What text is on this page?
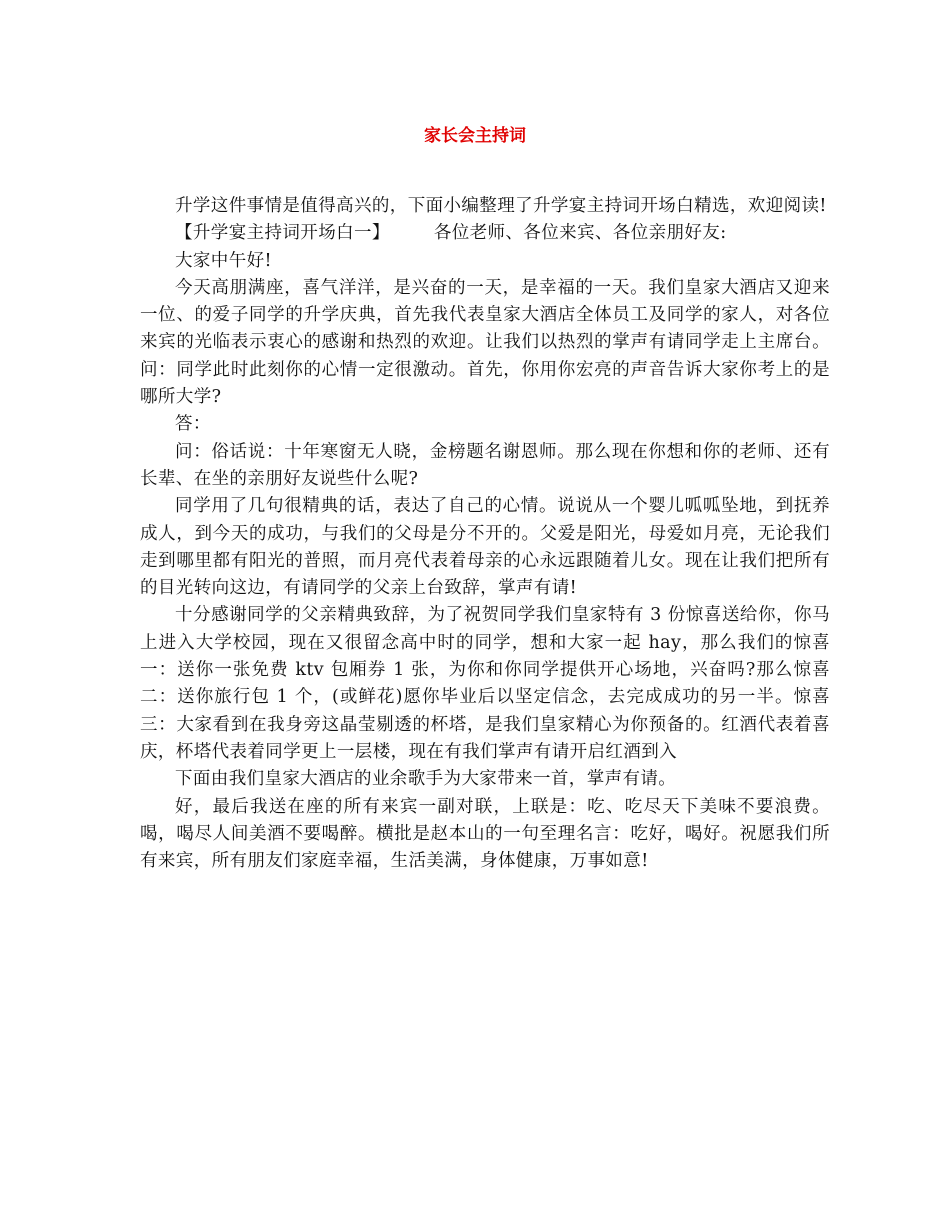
家长会主持词

升学这件事情是值得高兴的，下面小编整理了升学宴主持词开场白精选，欢迎阅读!

【升学宴主持词开场白一】	各位老师、各位来宾、各位亲朋好友:

大家中午好!

今天高朋满座，喜气洋洋，是兴奋的一天，是幸福的一天。我们皇家大酒店又迎来一位、的爱子同学的升学庆典，首先我代表皇家大酒店全体员工及同学的家人，对各位来宾的光临表示衷心的感谢和热烈的欢迎。让我们以热烈的掌声有请同学走上主席台。问：同学此时此刻你的心情一定很激动。首先，你用你宏亮的声音告诉大家你考上的是哪所大学?

答：

问：俗话说：十年寒窗无人晓，金榜题名谢恩师。那么现在你想和你的老师、还有长辈、在坐的亲朋好友说些什么呢?

同学用了几句很精典的话，表达了自己的心情。说说从一个婴儿呱呱坠地，到抚养成人，到今天的成功，与我们的父母是分不开的。父爱是阳光，母爱如月亮，无论我们走到哪里都有阳光的普照，而月亮代表着母亲的心永远跟随着儿女。现在让我们把所有的目光转向这边，有请同学的父亲上台致辞，掌声有请!

十分感谢同学的父亲精典致辞，为了祝贺同学我们皇家特有 3 份惊喜送给你，你马上进入大学校园，现在又很留念高中时的同学，想和大家一起 hay，那么我们的惊喜一：送你一张免费 ktv 包厢券 1 张，为你和你同学提供开心场地，兴奋吗?那么惊喜二：送你旅行包 1 个，(或鲜花)愿你毕业后以坚定信念，去完成成功的另一半。惊喜三：大家看到在我身旁这晶莹剔透的杯塔，是我们皇家精心为你预备的。红酒代表着喜庆，杯塔代表着同学更上一层楼，现在有我们掌声有请开启红酒到入

下面由我们皇家大酒店的业余歌手为大家带来一首，掌声有请。

好，最后我送在座的所有来宾一副对联，上联是：吃、吃尽天下美味不要浪费。喝，喝尽人间美酒不要喝醉。横批是赵本山的一句至理名言：吃好，喝好。祝愿我们所有来宾，所有朋友们家庭幸福，生活美满，身体健康，万事如意!
